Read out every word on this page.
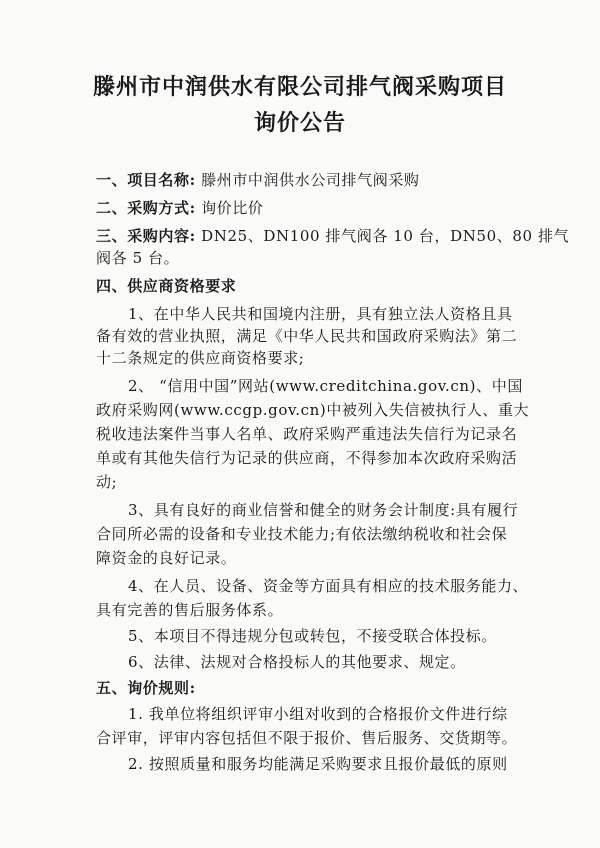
滕州市中润供水有限公司排气阀采购项目
询价公告
一、项目名称: 滕州市中润供水公司排气阀采购
二、采购方式: 询价比价
三、采购内容: DN25、DN100 排气阀各 10 台，DN50、80 排气
阀各 5 台。
四、供应商资格要求
1、在中华人民共和国境内注册，具有独立法人资格且具
备有效的营业执照，满足《中华人民共和国政府采购法》第二
十二条规定的供应商资格要求;
2、 “信用中国”网站(www.creditchina.gov.cn)、中国
政府采购网(www.ccgp.gov.cn)中被列入失信被执行人、重大
税收违法案件当事人名单、政府采购严重违法失信行为记录名
单或有其他失信行为记录的供应商，不得参加本次政府采购活
动;
3、具有良好的商业信誉和健全的财务会计制度:具有履行
合同所必需的设备和专业技术能力;有依法缴纳税收和社会保
障资金的良好记录。
4、在人员、设备、资金等方面具有相应的技术服务能力、
具有完善的售后服务体系。
5、本项目不得违规分包或转包，不接受联合体投标。
6、法律、法规对合格投标人的其他要求、规定。
五、询价规则:
1. 我单位将组织评审小组对收到的合格报价文件进行综
合评审，评审内容包括但不限于报价、售后服务、交货期等。
2. 按照质量和服务均能满足采购要求且报价最低的原则
